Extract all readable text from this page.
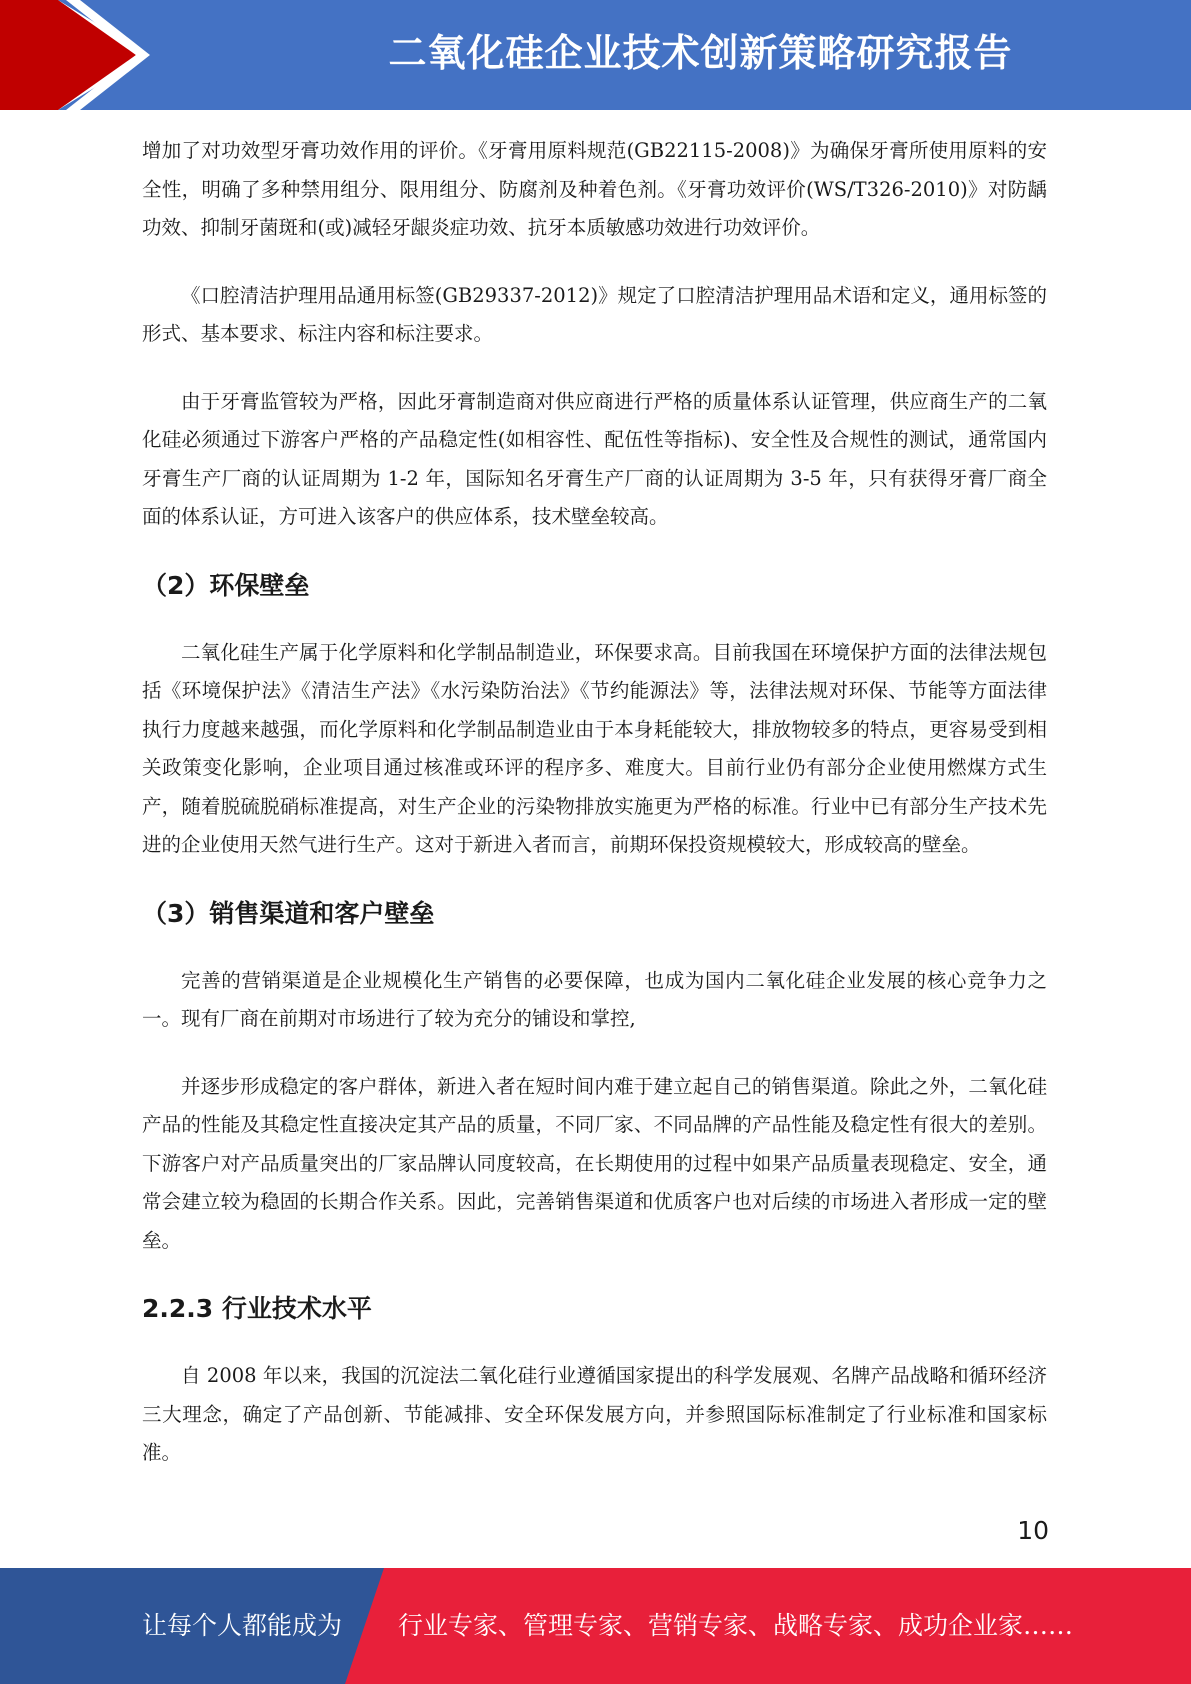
二氧化硅企业技术创新策略研究报告

增加了对功效型牙膏功效作用的评价。《牙膏用原料规范(GB22115-2008)》为确保牙膏所使用原料的安全性，明确了多种禁用组分、限用组分、防腐剂及种着色剂。《牙膏功效评价(WS/T326-2010)》对防龋功效、抑制牙菌斑和(或)减轻牙龈炎症功效、抗牙本质敏感功效进行功效评价。

《口腔清洁护理用品通用标签(GB29337-2012)》规定了口腔清洁护理用品术语和定义，通用标签的形式、基本要求、标注内容和标注要求。

由于牙膏监管较为严格，因此牙膏制造商对供应商进行严格的质量体系认证管理，供应商生产的二氧化硅必须通过下游客户严格的产品稳定性(如相容性、配伍性等指标)、安全性及合规性的测试，通常国内牙膏生产厂商的认证周期为 1-2 年，国际知名牙膏生产厂商的认证周期为 3-5 年，只有获得牙膏厂商全面的体系认证，方可进入该客户的供应体系，技术壁垒较高。

（2）环保壁垒

二氧化硅生产属于化学原料和化学制品制造业，环保要求高。目前我国在环境保护方面的法律法规包括《环境保护法》《清洁生产法》《水污染防治法》《节约能源法》等，法律法规对环保、节能等方面法律执行力度越来越强，而化学原料和化学制品制造业由于本身耗能较大，排放物较多的特点，更容易受到相关政策变化影响，企业项目通过核准或环评的程序多、难度大。目前行业仍有部分企业使用燃煤方式生产，随着脱硫脱硝标准提高，对生产企业的污染物排放实施更为严格的标准。行业中已有部分生产技术先进的企业使用天然气进行生产。这对于新进入者而言，前期环保投资规模较大，形成较高的壁垒。

（3）销售渠道和客户壁垒

完善的营销渠道是企业规模化生产销售的必要保障，也成为国内二氧化硅企业发展的核心竞争力之一。现有厂商在前期对市场进行了较为充分的铺设和掌控,

并逐步形成稳定的客户群体，新进入者在短时间内难于建立起自己的销售渠道。除此之外，二氧化硅产品的性能及其稳定性直接决定其产品的质量，不同厂家、不同品牌的产品性能及稳定性有很大的差别。下游客户对产品质量突出的厂家品牌认同度较高，在长期使用的过程中如果产品质量表现稳定、安全，通常会建立较为稳固的长期合作关系。因此，完善销售渠道和优质客户也对后续的市场进入者形成一定的壁垒。

2.2.3 行业技术水平

自 2008 年以来，我国的沉淀法二氧化硅行业遵循国家提出的科学发展观、名牌产品战略和循环经济三大理念，确定了产品创新、节能减排、安全环保发展方向，并参照国际标准制定了行业标准和国家标准。

10
让每个人都能成为 行业专家、管理专家、营销专家、战略专家、成功企业家……
